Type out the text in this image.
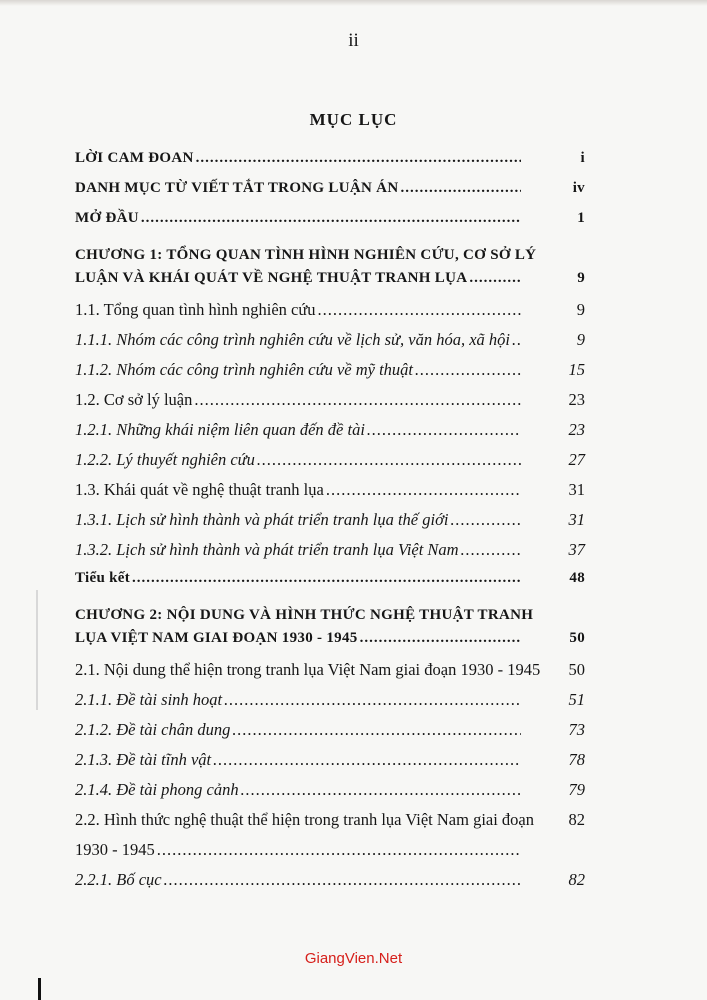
ii
MỤC LỤC
LỜI CAM ĐOAN .....	i
DANH MỤC TỪ VIẾT TẮT TRONG LUẬN ÁN .....	iv
MỞ ĐẦU .....	1
CHƯƠNG 1: TỔNG QUAN TÌNH HÌNH NGHIÊN CỨU, CƠ SỞ LÝ
LUẬN VÀ KHÁI QUÁT VỀ NGHỆ THUẬT TRANH LỤA .....	9
1.1. Tổng quan tình hình nghiên cứu .....	9
1.1.1. Nhóm các công trình nghiên cứu về lịch sử, văn hóa, xã hội .....	9
1.1.2. Nhóm các công trình nghiên cứu về mỹ thuật .....	15
1.2. Cơ sở lý luận .....	23
1.2.1. Những khái niệm liên quan đến đề tài .....	23
1.2.2. Lý thuyết nghiên cứu .....	27
1.3. Khái quát về nghệ thuật tranh lụa .....	31
1.3.1. Lịch sử hình thành và phát triển tranh lụa thế giới .....	31
1.3.2. Lịch sử hình thành và phát triển tranh lụa Việt Nam .....	37
Tiểu kết .....	48
CHƯƠNG 2: NỘI DUNG VÀ HÌNH THỨC NGHỆ THUẬT TRANH
LỤA VIỆT NAM GIAI ĐOẠN 1930 - 1945 .....	50
2.1. Nội dung thể hiện trong tranh lụa Việt Nam giai đoạn 1930 - 1945	50
2.1.1. Đề tài sinh hoạt .....	51
2.1.2. Đề tài chân dung .....	73
2.1.3. Đề tài tĩnh vật .....	78
2.1.4. Đề tài phong cảnh .....	79
2.2. Hình thức nghệ thuật thể hiện trong tranh lụa Việt Nam giai đoạn	82
1930 - 1945
.....
2.2.1. Bố cục .....	82
GiangVien.Net
